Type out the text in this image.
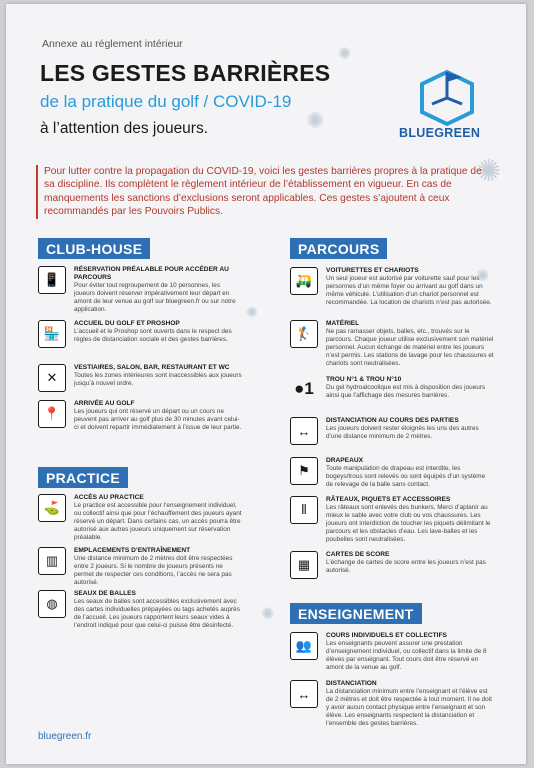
✺
✺
✺
✺
✺
✺
Annexe au réglement intérieur
LES GESTES BARRIÈRES
de la pratique du golf / COVID-19
à l’attention des joueurs.	BLUEGREEN
Pour lutter contre la propagation du COVID-19, voici les gestes barrières propres à la pratique de sa discipline. Ils complètent le règlement intérieur de l’établissement en vigueur. En cas de manquements les sanctions d’exclusions seront applicables. Ces gestes s’ajoutent à ceux recommandés par les Pouvoirs Publics.
CLUB-HOUSE
📱
RÉSERVATION PRÉALABLE POUR ACCÉDER AU PARCOURS
Pour éviter tout regroupement de 10 personnes, les joueurs doivent réserver impérativement leur départ en amont de leur venue au golf sur bluegreen.fr ou sur notre application.
🏪
ACCUEIL DU GOLF ET PROSHOP
L’accueil et le Proshop sont ouverts dans le respect des règles de distanciation sociale et des gestes barrières.
✕
VESTIAIRES, SALON, BAR, RESTAURANT ET WC
Toutes les zones intérieures sont inaccessibles aux joueurs jusqu’à nouvel ordre.
📍
ARRIVÉE AU GOLF
Les joueurs qui ont réservé un départ ou un cours ne peuvent pas arriver au golf plus de 30 minutes avant celui-ci et doivent repartir immédiatement à l’issue de leur partie.
PRACTICE
⛳
ACCÈS AU PRACTICE
Le practice est accessible pour l’enseignement individuel, ou collectif ainsi que pour l’échauffement des joueurs ayant réservé un départ. Dans certains cas, un accès pourra être autorisé aux autres joueurs uniquement sur réservation préalable.
▥
EMPLACEMENTS D’ENTRAÎNEMENT
Une distance minimum de 2 mètres doit être respectées entre 2 joueurs. Si le nombre de joueurs présents ne permet de respecter ces conditions, l’accès ne sera pas autorisé.
◍
SEAUX DE BALLES
Les seaux de balles sont accessibles exclusivement avec des cartes individuelles prépayées ou tags achetés auprès de l’accueil. Les joueurs rapportent leurs seaux vides à l’endroit indiqué pour que celui-ci puisse être désinfecté.
PARCOURS
🛺
VOITURETTES ET CHARIOTS
Un seul joueur est autorisé par voiturette sauf pour les personnes d’un même foyer ou arrivant au golf dans un même véhicule. L’utilisation d’un chariot personnel est recommandée. La location de chariots n’est pas autorisée.
🏌
MATÉRIEL
Ne pas ramasser objets, balles, etc., trouvés sur le parcours. Chaque joueur utilise exclusivement son matériel personnel. Aucun échange de matériel entre les joueurs n’est permis. Les stations de lavage pour les chaussures et chariots sont neutralisées.
●1	TROU N°1 & TROU N°10
Du gel hydroalcoolique est mis à disposition des joueurs ainsi que l’affichage des mesures barrières.
↔
DISTANCIATION AU COURS DES PARTIES
Les joueurs doivent rester éloignés les uns des autres d’une distance minimum de 2 mètres.
⚑
DRAPEAUX
Toute manipulation de drapeau est interdite, les bogeys/trous sont relevés ou sont équipés d’un système de relevage de la balle sans contact.
⫴
RÂTEAUX, PIQUETS ET ACCESSOIRES
Les râteaux sont enlevés des bunkers. Merci d’aplanir au mieux le sable avec votre club ou vos chaussures. Les joueurs ont interdiction de toucher les piquets délimitant le parcours et les obstacles d’eau. Les lave-balles et les poubelles sont neutralisées.
▦
CARTES DE SCORE
L’échange de cartes de score entre les joueurs n’est pas autorisé.
ENSEIGNEMENT
👥
COURS INDIVIDUELS ET COLLECTIFS
Les enseignants peuvent assurer une prestation d’enseignement individuel, ou collectif dans la limite de 8 élèves par enseignant. Tout cours doit être réservé en amont de la venue au golf.
↔
DISTANCIATION
La distanciation minimum entre l’enseignant et l’élève est de 2 mètres et doit être respectée à tout moment. Il ne doit y avoir aucun contact physique entre l’enseignant et son élève. Les enseignants respectent la distanciation et l’ensemble des gestes barrières.
bluegreen.fr
